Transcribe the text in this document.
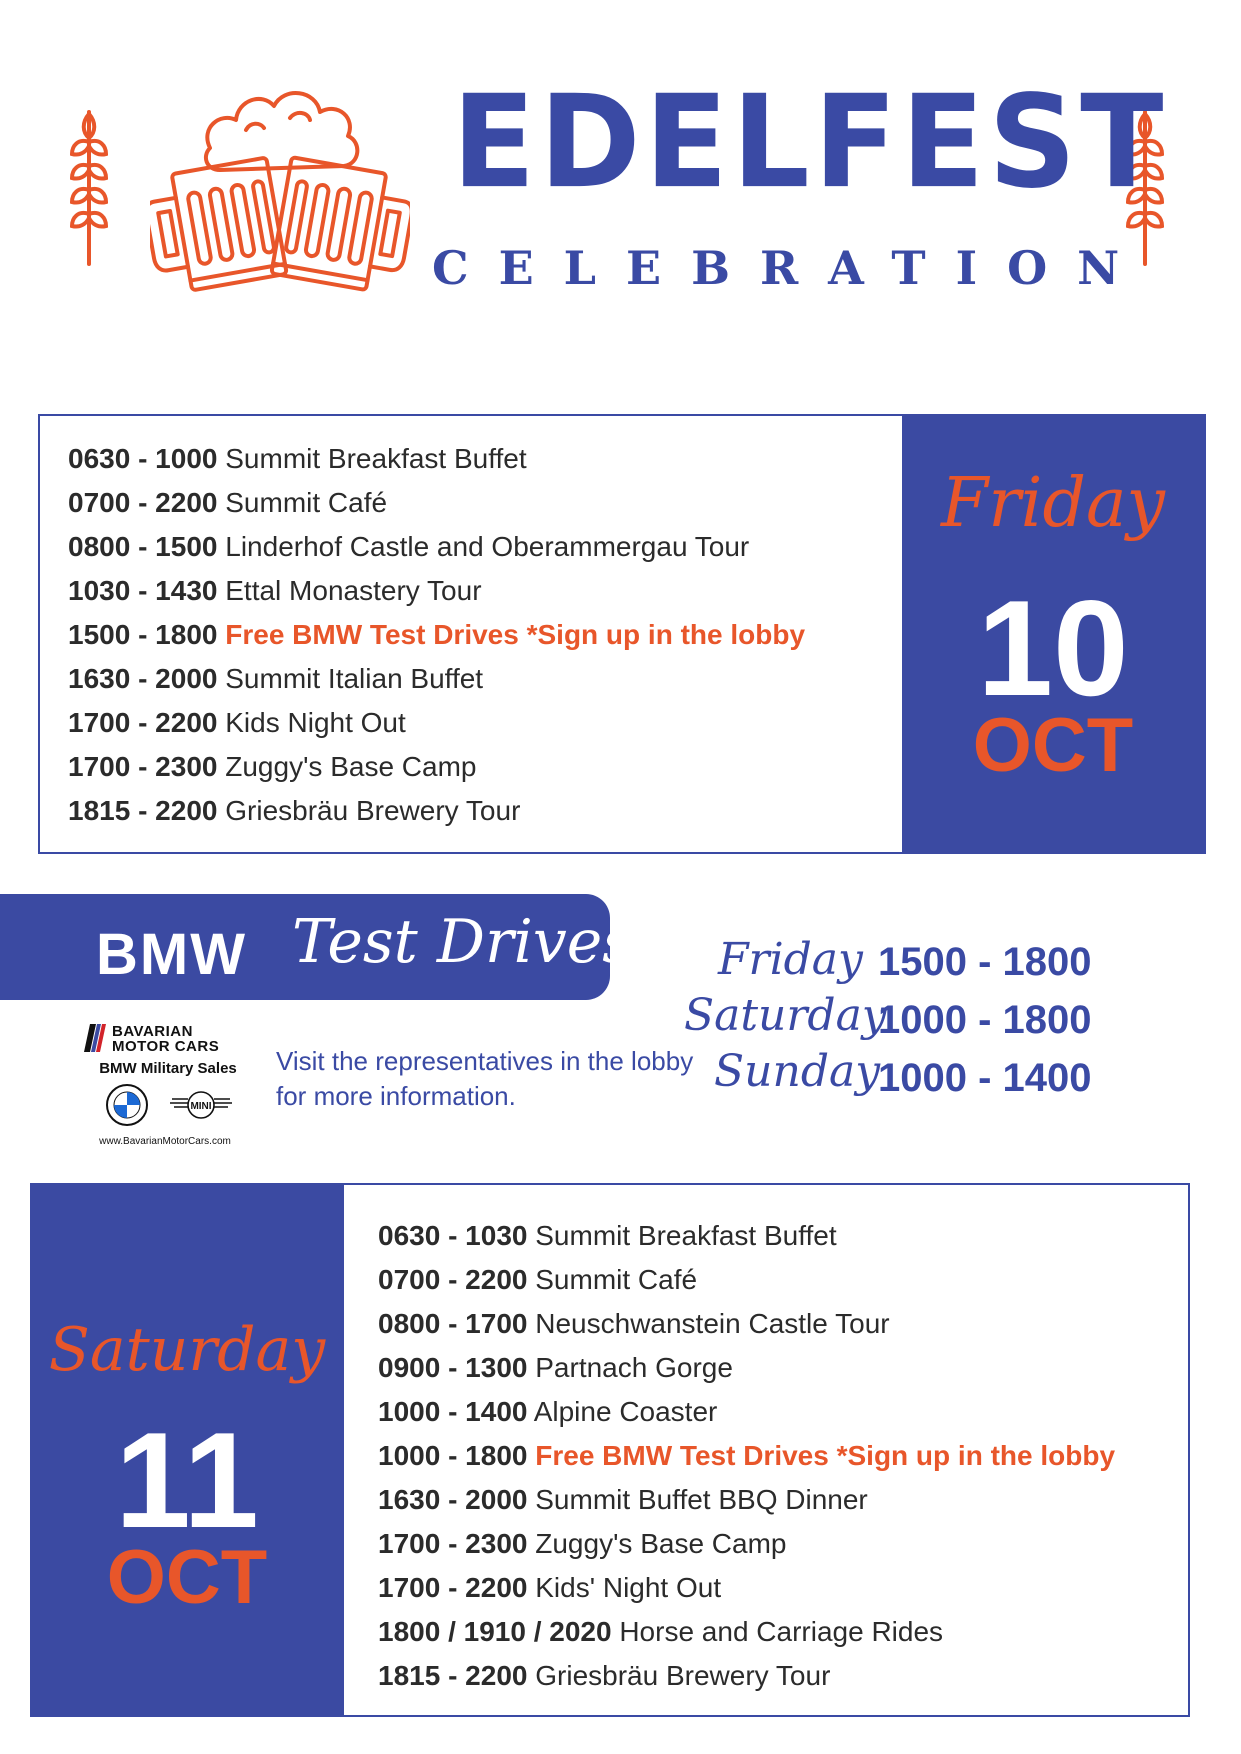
EDELFEST
CELEBRATION
0630 - 1000 Summit Breakfast Buffet
0700 - 2200 Summit Café
0800 - 1500 Linderhof Castle and Oberammergau Tour
1030 - 1430 Ettal Monastery Tour
1500 - 1800 Free BMW Test Drives *Sign up in the lobby
1630 - 2000 Summit Italian Buffet
1700 - 2200 Kids Night Out
1700 - 2300 Zuggy's Base Camp
1815 - 2200 Griesbräu Brewery Tour
Friday
10
OCT
BMW Test Drives
BAVARIAN
MOTOR CARS
BMW Military Sales
MINI
www.BavarianMotorCars.com
Visit the representatives in the lobby
for more information.
Friday
Saturday
Sunday
1500 - 1800
1000 - 1800
1000 - 1400
0630 - 1030 Summit Breakfast Buffet
0700 - 2200 Summit Café
0800 - 1700 Neuschwanstein Castle Tour
0900 - 1300 Partnach Gorge
1000 - 1400 Alpine Coaster
1000 - 1800 Free BMW Test Drives *Sign up in the lobby
1630 - 2000 Summit Buffet BBQ Dinner
1700 - 2300 Zuggy's Base Camp
1700 - 2200 Kids' Night Out
1800 / 1910 / 2020 Horse and Carriage Rides
1815 - 2200 Griesbräu Brewery Tour
Saturday
11
OCT
